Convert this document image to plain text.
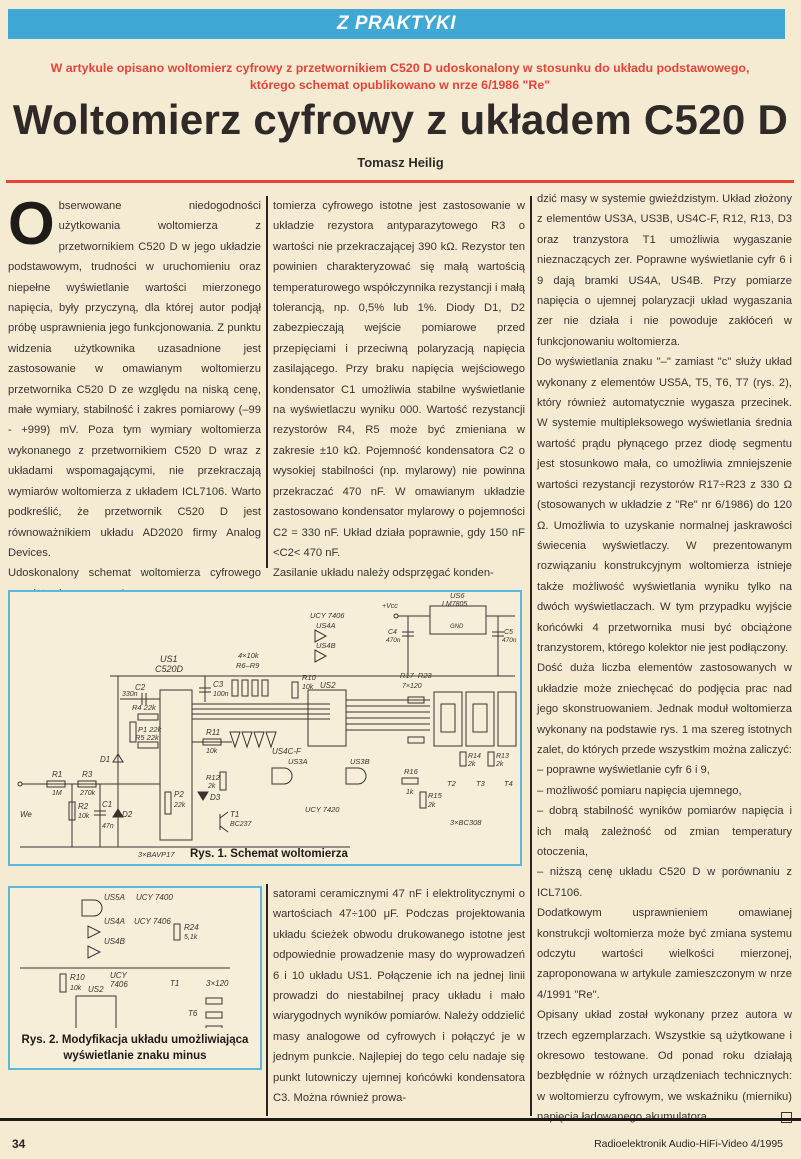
Z PRAKTYKI
W artykule opisano woltomierz cyfrowy z przetwornikiem C520 D udoskonalony w stosunku do układu podstawowego,
którego schemat opublikowano w nrze 6/1986 "Re"
Woltomierz cyfrowy z układem C520 D
Tomasz Heilig

Obserwowane niedogodności użytkowania woltomierza z przetwornikiem C520 D w jego układzie podstawowym, trudności w uruchomieniu oraz niepełne wyświetlanie wartości mierzonego napięcia, były przyczyną, dla której autor podjął próbę usprawnienia jego funkcjonowania. Z punktu widzenia użytkownika uzasadnione jest zastosowanie w omawianym woltomierzu przetwornika C520 D ze względu na niską cenę, małe wymiary, stabilność i zakres pomiarowy (–99 - +999) mV. Poza tym wymiary woltomierza wykonanego z przetwornikiem C520 D wraz z układami wspomagającymi, nie przekraczają wymiarów woltomierza z układem ICL7106. Warto podkreślić, że przetwornik C520 D jest równoważnikiem układu AD2020 firmy Analog Devices.

Udoskonalony schemat woltomierza cyfrowego

tomierza cyfrowego istotne jest zastosowanie w układzie rezystora antyparazytowego R3 o wartości nie przekraczającej 390 kΩ. Rezystor ten powinien charakteryzować się małą wartością temperaturowego współczynnika rezystancji i małą tolerancją, np. 0,5% lub 1%. Diody D1, D2 zabezpieczają wejście pomiarowe przed przepięciami i przeciwną polaryzacją napięcia zasilającego. Przy braku napięcia wejściowego kondensator C1 umożliwia stabilne wyświetlanie na wyświetlaczu wyniku 000. Wartość rezystancji rezystorów R4, R5 może być zmieniana w zakresie ±10 kΩ. Pojemność kondensatora C2 o wysokiej stabilności (np. mylarowy) nie powinna przekraczać 470 nF. W omawianym układzie zastosowano kondensator mylarowy o pojemności C2 = 330 nF. Układ działa poprawnie, gdy 150 nF <C2< 470 nF.

Zasilanie układu należy odsprzęgać konden-

satorami ceramicznymi 47 nF i elektrolitycznymi o wartościach 47÷100 μF. Podczas projektowania układu ścieżek obwodu drukowanego istotne jest odpowiednie prowadzenie masy do wyprowadzeń 6 i 10 układu US1. Połączenie ich na jednej linii prowadzi do niestabilnej pracy układu i mało wiarygodnych wyników pomiarów. Należy oddzielić masy analogowe od cyfrowych i połączyć je w jednym punkcie. Najlepiej do tego celu nadaje się punkt lutowniczy ujemnej końcówki kondensatora C3. Można również prowa-

dzić masy w systemie gwieździstym. Układ złożony z elementów US3A, US3B, US4C-F, R12, R13, D3 oraz tranzystora T1 umożliwia wygaszanie nieznaczących zer. Poprawne wyświetlanie cyfr 6 i 9 dają bramki US4A, US4B. Przy pomiarze napięcia o ujemnej polaryzacji układ wygaszania zer nie działa i nie powoduje zakłóceń w funkcjonowaniu woltomierza.

Do wyświetlania znaku "–" zamiast "c" służy układ wykonany z elementów US5A, T5, T6, T7 (rys. 2), który również automatycznie wygasza przecinek. W systemie multipleksowego wyświetlania średnia wartość prądu płynącego przez diodę segmentu jest stosunkowo mała, co umożliwia zmniejszenie wartości rezystancji rezystorów R17÷R23 z 330 Ω (stosowanych w układzie z "Re" nr 6/1986) do 120 Ω. Umożliwia to uzyskanie normalnej jaskrawości świecenia wyświetlaczy. W prezentowanym rozwiązaniu konstrukcyjnym woltomierza istnieje także możliwość wyświetlania wyniku tylko na dwóch wyświetlaczach. W tym przypadku wyjście końcówki 4 przetwornika musi być obciążone tranzystorem, którego kolektor nie jest podłączony.

Dość duża liczba elementów zastosowanych w układzie może zniechęcać do podjęcia prac nad jego skonstruowaniem. Jednak moduł woltomierza wykonany na podstawie rys. 1 ma szereg istotnych zalet, do których przede wszystkim można zaliczyć:

– poprawne wyświetlanie cyfr 6 i 9,

– możliwość pomiaru napięcia ujemnego,

– dobrą stabilność wyników pomiarów napięcia i ich małą zależność od zmian temperatury otoczenia,

– niższą cenę układu C520 D w porównaniu z ICL7106.

Dodatkowym usprawnieniem omawianej konstrukcji woltomierza może być zmiana systemu odczytu wartości wielkości mierzonej, zaproponowana w artykule zamieszczonym w nrze 4/1991 "Re".

Opisany układ został wykonany przez autora w trzech egzemplarzach. Wszystkie są użytkowane i okresowo testowane. Od ponad roku działają bezbłędnie w różnych urządzeniach technicznych: w woltomierzu cyfrowym, we wskaźniku (mierniku)

US1
C520D
C2
330n
R4 22k
P1 22k
R5 22k
D1
D2
R1
1M
R3
270k
R2
10k
C1
47n
We
C3
100n
4×10k
R6–R9
R11
10k	US4C-F
R12
2k
D3
P2
22k
T1
BC237
3×BAVP17
UCY 7406
US4A
US4B
R10
10k US2
US3A	US3B
UCY 7420
+Vcc
US6
LM7805
GND
C4
470n
C5
470n
R17–R23
7×120
R16
1k R15
2k
R14
2k
R13
2k
T2	T3	T4
3×BC308
Rys. 1. Schemat woltomierza
US5A UCY 7400
US4A UCY 7406
US4B
R24
5,1k
R10
10k US2
UCY
7406	T1
T6
3×120
Rys. 2. Modyfikacja układu umożliwiająca
wyświetlanie znaku minus
34	Radioelektronik Audio-HiFi-Video 4/1995
